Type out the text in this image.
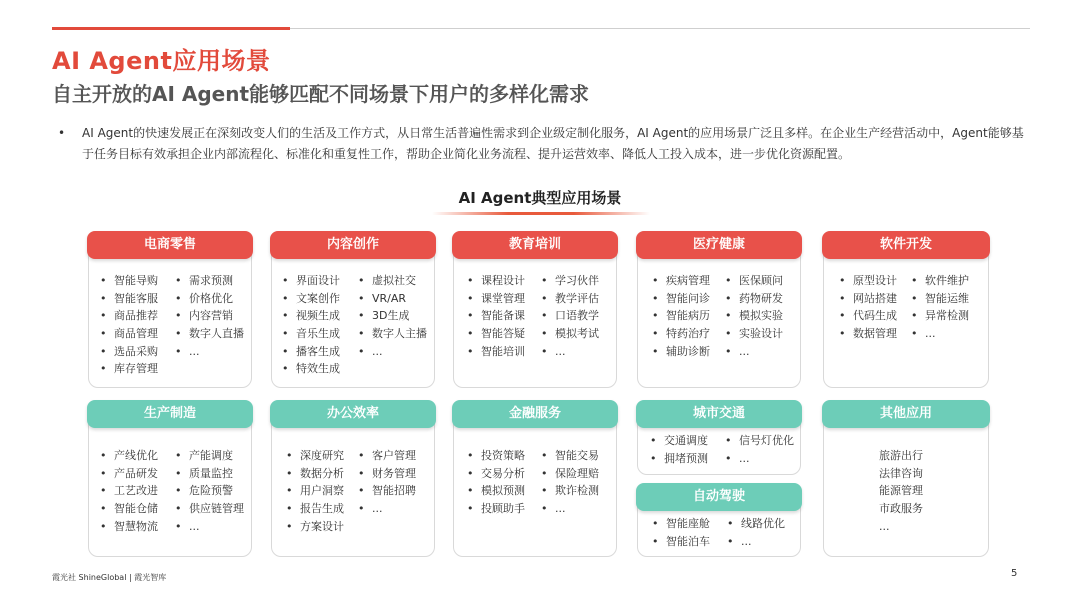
AI Agent应用场景
自主开放的AI Agent能够匹配不同场景下用户的多样化需求
• AI Agent的快速发展正在深刻改变人们的生活及工作方式，从日常生活普遍性需求到企业级定制化服务，AI Agent的应用场景广泛且多样。在企业生产经营活动中，Agent能够基于任务目标有效承担企业内部流程化、标准化和重复性工作，帮助企业简化业务流程、提升运营效率、降低人工投入成本，进一步优化资源配置。
AI Agent典型应用场景
电商零售
• 智能导购
• 智能客服
• 商品推荐
• 商品管理
• 选品采购
• 库存管理
• 需求预测
• 价格优化
• 内容营销
• 数字人直播
• ...
内容创作
• 界面设计
• 文案创作
• 视频生成
• 音乐生成
• 播客生成
• 特效生成
• 虚拟社交
• VR/AR
• 3D生成
• 数字人主播
• ...
教育培训
• 课程设计
• 课堂管理
• 智能备课
• 智能答疑
• 智能培训
• 学习伙伴
• 教学评估
• 口语教学
• 模拟考试
• ...
医疗健康
• 疾病管理
• 智能问诊
• 智能病历
• 特药治疗
• 辅助诊断
• 医保顾问
• 药物研发
• 模拟实验
• 实验设计
• ...
软件开发
• 原型设计
• 网站搭建
• 代码生成
• 数据管理
• 软件维护
• 智能运维
• 异常检测
• ...
生产制造
• 产线优化
• 产品研发
• 工艺改进
• 智能仓储
• 智慧物流
• 产能调度
• 质量监控
• 危险预警
• 供应链管理
• ...
办公效率
• 深度研究
• 数据分析
• 用户洞察
• 报告生成
• 方案设计
• 客户管理
• 财务管理
• 智能招聘
• ...
金融服务
• 投资策略
• 交易分析
• 模拟预测
• 投顾助手
• 智能交易
• 保险理赔
• 欺诈检测
• ...
城市交通
• 交通调度
• 拥堵预测
• 信号灯优化
• ...
自动驾驶
• 智能座舱
• 智能泊车
• 线路优化
• ...
其他应用
旅游出行
法律咨询
能源管理
市政服务
...
霞光社 ShineGlobal | 霞光智库	5
